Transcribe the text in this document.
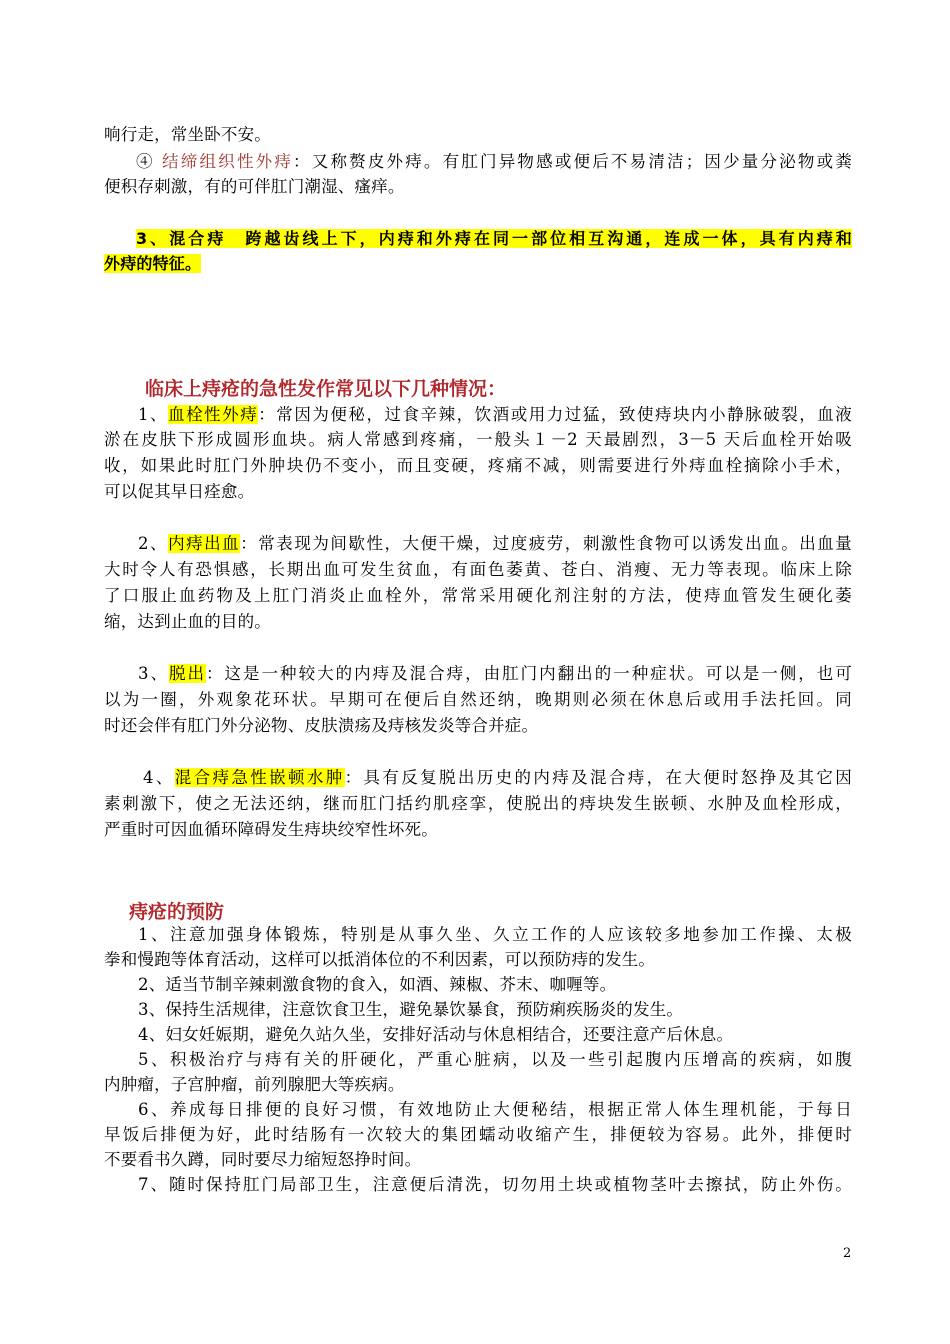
响行走，常坐卧不安。
④ 结缔组织性外痔：又称赘皮外痔。有肛门异物感或便后不易清洁；因少量分泌物或粪
便积存刺激，有的可伴肛门潮湿、瘙痒。
3、混合痔　跨越齿线上下，内痔和外痔在同一部位相互沟通，连成一体，具有内痔和
外痔的特征。
临床上痔疮的急性发作常见以下几种情况：
1、血栓性外痔：常因为便秘，过食辛辣，饮酒或用力过猛，致使痔块内小静脉破裂，血液
淤在皮肤下形成圆形血块。病人常感到疼痛，一般头１－2 天最剧烈，3－5 天后血栓开始吸
收，如果此时肛门外肿块仍不变小，而且变硬，疼痛不减，则需要进行外痔血栓摘除小手术，
可以促其早日痊愈。
2、内痔出血：常表现为间歇性，大便干燥，过度疲劳，刺激性食物可以诱发出血。出血量
大时令人有恐惧感，长期出血可发生贫血，有面色萎黄、苍白、消瘦、无力等表现。临床上除
了口服止血药物及上肛门消炎止血栓外，常常采用硬化剂注射的方法，使痔血管发生硬化萎
缩，达到止血的目的。
3、脱出：这是一种较大的内痔及混合痔，由肛门内翻出的一种症状。可以是一侧，也可
以为一圈，外观象花环状。早期可在便后自然还纳，晚期则必须在休息后或用手法托回。同
时还会伴有肛门外分泌物、皮肤溃疡及痔核发炎等合并症。
4、混合痔急性嵌顿水肿：具有反复脱出历史的内痔及混合痔，在大便时怒挣及其它因
素刺激下，使之无法还纳，继而肛门括约肌痉挛，使脱出的痔块发生嵌顿、水肿及血栓形成，
严重时可因血循环障碍发生痔块绞窄性坏死。
痔疮的预防
1、注意加强身体锻炼，特别是从事久坐、久立工作的人应该较多地参加工作操、太极
拳和慢跑等体育活动，这样可以抵消体位的不利因素，可以预防痔的发生。
2、适当节制辛辣刺激食物的食入，如酒、辣椒、芥末、咖喱等。
3、保持生活规律，注意饮食卫生，避免暴饮暴食，预防痢疾肠炎的发生。
4、妇女妊娠期，避免久站久坐，安排好活动与休息相结合，还要注意产后休息。
5、积极治疗与痔有关的肝硬化，严重心脏病，以及一些引起腹内压增高的疾病，如腹
内肿瘤，子宫肿瘤，前列腺肥大等疾病。
6、养成每日排便的良好习惯，有效地防止大便秘结，根据正常人体生理机能，于每日
早饭后排便为好，此时结肠有一次较大的集团蠕动收缩产生，排便较为容易。此外，排便时
不要看书久蹲，同时要尽力缩短怒挣时间。
7、随时保持肛门局部卫生，注意便后清洗，切勿用土块或植物茎叶去擦拭，防止外伤。
2
